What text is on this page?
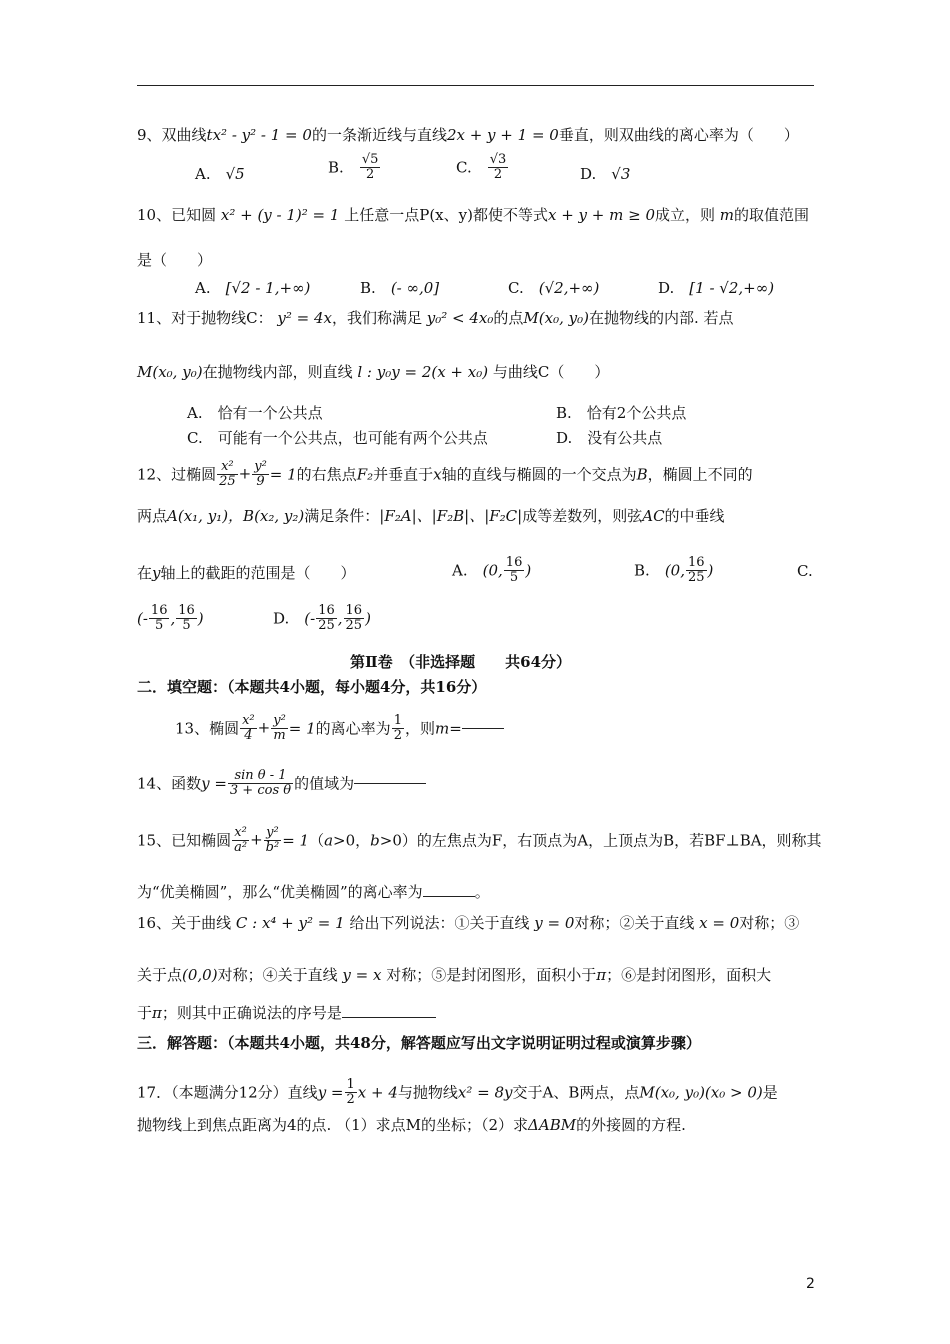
9、双曲线tx² - y² - 1 = 0的一条渐近线与直线2x + y + 1 = 0垂直，则双曲线的离心率为（　　）
A.　 √5	B.　 $\frac{√5}{2}$	C.　 $\frac{√3}{2}$	D.　 √3
10、已知圆 x² + (y - 1)² = 1 上任意一点P(x、y)都使不等式x + y + m ≥ 0成立，则 m的取值范围
是（　　）
A.　 [√2 - 1,+∞)	B.　 (- ∞,0]	C.　 (√2,+∞)	D.　 [1 - √2,+∞)
11、对于抛物线C： y² = 4x，我们称满足 y₀² < 4x₀的点M(x₀, y₀)在抛物线的内部. 若点
M(x₀, y₀)在抛物线内部，则直线 l : y₀y = 2(x + x₀) 与曲线C（　　）
A.　恰有一个公共点	B.　恰有2个公共点
C.　可能有一个公共点，也可能有两个公共点	D.　没有公共点
12、过椭圆 $\frac{\text{x²}}{25} + \frac{\text{y²}}{9} = 1$的右焦点F₂并垂直于x轴的直线与椭圆的一个交点为B，椭圆上不同的
两点A(x₁, y₁)，B(x₂, y₂)满足条件：|F₂A|、|F₂B|、|F₂C|成等差数列，则弦AC的中垂线
在y轴上的截距的范围是（　　）	A.　 (0, $\frac{16}{5}$ )	B.　 (0, $\frac{16}{25}$ )	C.
(- $\frac{16}{5}$ , $\frac{16}{5}$ )	D.　 (- $\frac{16}{25}$ , $\frac{16}{25}$ )
第Ⅱ卷　（非选择题　　共64分）
二．填空题：（本题共4小题，每小题4分，共16分）
13、椭圆 $\frac{\text{x²}}{4} + \frac{\text{y²}}{m} = 1$的离心率为 $\frac{1}{2}$ ，则m=
14、函数$y = \frac{\text{sin θ - 1}}{\text{3 + cos θ}}$ 的值域为
15、已知椭圆 $\frac{\text{x²}}{\text{a²}} + \frac{\text{y²}}{\text{b²}} = 1(a>0$，b>0）的左焦点为F，右顶点为A，上顶点为B，若BF⊥BA，则称其
为“优美椭圆”，那么“优美椭圆”的离心率为	。
16、关于曲线 C : x⁴ + y² = 1 给出下列说法：①关于直线 y = 0对称；②关于直线 x = 0对称；③
关于点(0,0)对称；④关于直线 y = x 对称；⑤是封闭图形，面积小于π；⑥是封闭图形，面积大
于π；则其中正确说法的序号是
三．解答题：（本题共4小题，共48分，解答题应写出文字说明证明过程或演算步骤）
17．（本题满分12分）直线$y = \frac{1}{2}$ x + 4与抛物线x² = 8y交于A、B两点，点M(x₀, y₀)(x₀ > 0)是
抛物线上到焦点距离为4的点. （1）求点M的坐标；（2）求ΔABM的外接圆的方程.
2
